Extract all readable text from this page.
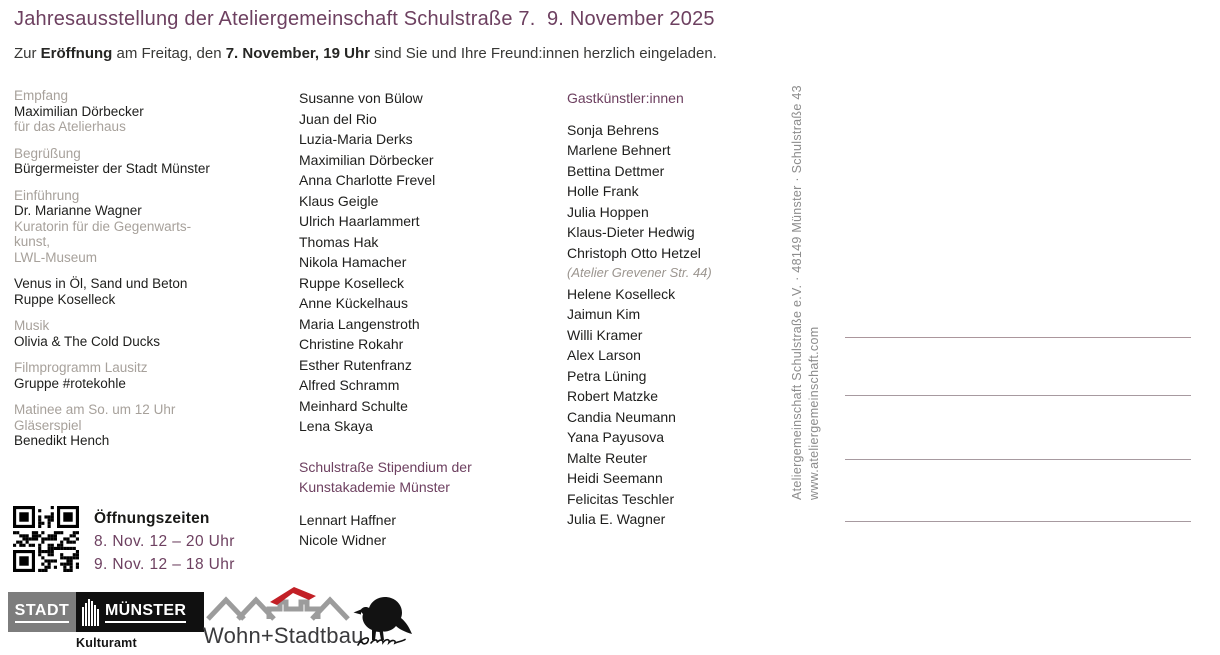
Jahresausstellung der Ateliergemeinschaft Schulstraße 7.  9. November 2025
Zur Eröffnung am Freitag, den 7. November, 19 Uhr sind Sie und Ihre Freund:innen herzlich eingeladen.
Empfang
Maximilian Dörbecker
für das Atelierhaus
Begrüßung
Bürgermeister der Stadt Münster
Einführung
Dr. Marianne Wagner
Kuratorin für die Gegenwarts-
kunst,
LWL-Museum
Venus in Öl, Sand und Beton
Ruppe Koselleck
Musik
Olivia & The Cold Ducks
Filmprogramm Lausitz
Gruppe #rotekohle
Matinee am So. um 12 Uhr
Gläserspiel
Benedikt Hench
Susanne von Bülow
Juan del Rio
Luzia-Maria Derks
Maximilian Dörbecker
Anna Charlotte Frevel
Klaus Geigle
Ulrich Haarlammert
Thomas Hak
Nikola Hamacher
Ruppe Koselleck
Anne Kückelhaus
Maria Langenstroth
Christine Rokahr
Esther Rutenfranz
Alfred Schramm
Meinhard Schulte
Lena Skaya
Schulstraße Stipendium der
Kunstakademie Münster
Lennart Haffner
Nicole Widner
Gastkünstler:innen
Sonja Behrens
Marlene Behnert
Bettina Dettmer
Holle Frank
Julia Hoppen
Klaus-Dieter Hedwig
Christoph Otto Hetzel
(Atelier Grevener Str. 44)
Helene Koselleck
Jaimun Kim
Willi Kramer
Alex Larson
Petra Lüning
Robert Matzke
Candia Neumann
Yana Payusova
Malte Reuter
Heidi Seemann
Felicitas Teschler
Julia E. Wagner
Öffnungszeiten
8. Nov. 12 – 20 Uhr
9. Nov. 12 – 18 Uhr
Ateliergemeinschaft Schulstraße e.V. · 48149 Münster · Schulstraße 43 www.ateliergemeinschaft.com
STADT MÜNSTER
Kulturamt	Wohn+Stadtbau
